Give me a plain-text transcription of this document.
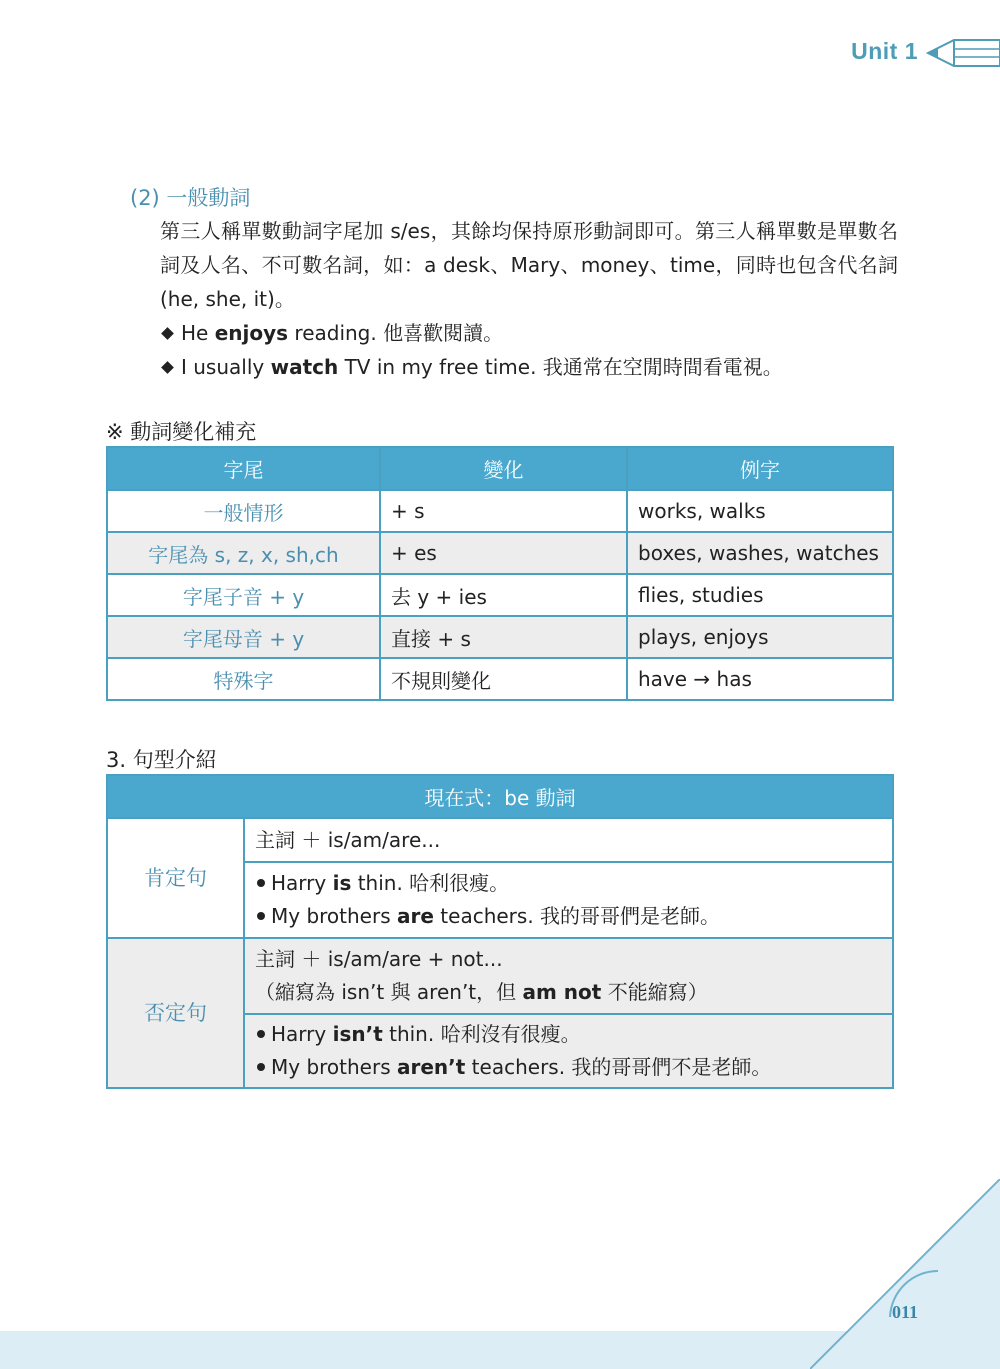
Unit 1
(2) 一般動詞

第三人稱單數動詞字尾加 s/es，其餘均保持原形動詞即可。第三人稱單數是單數名詞及人名、不可數名詞，如：a desk、Mary、money、time，同時也包含代名詞 (he, she, it)。

He enjoys reading. 他喜歡閱讀。
I usually watch TV in my free time. 我通常在空閒時間看電視。
※ 動詞變化補充
字尾	變化	例字
一般情形	+ s	works, walks
字尾為 s, z, x, sh,ch	+ es	boxes, washes, watches
字尾子音 + y	去 y + ies	flies, studies
字尾母音 + y	直接 + s	plays, enjoys
特殊字	不規則變化	have → has
3. 句型介紹
現在式：be 動詞	
肯定句	主詞 ＋ is/am/are...

	Harry is thin. 哈利很瘦。
My brothers are teachers. 我的哥哥們是老師。

否定句	主詞 ＋ is/am/are + not...
（縮寫為 isn’t 與 aren’t，但 am not 不能縮寫）

	Harry isn’t thin. 哈利沒有很瘦。
My brothers aren’t teachers. 我的哥哥們不是老師。
011
